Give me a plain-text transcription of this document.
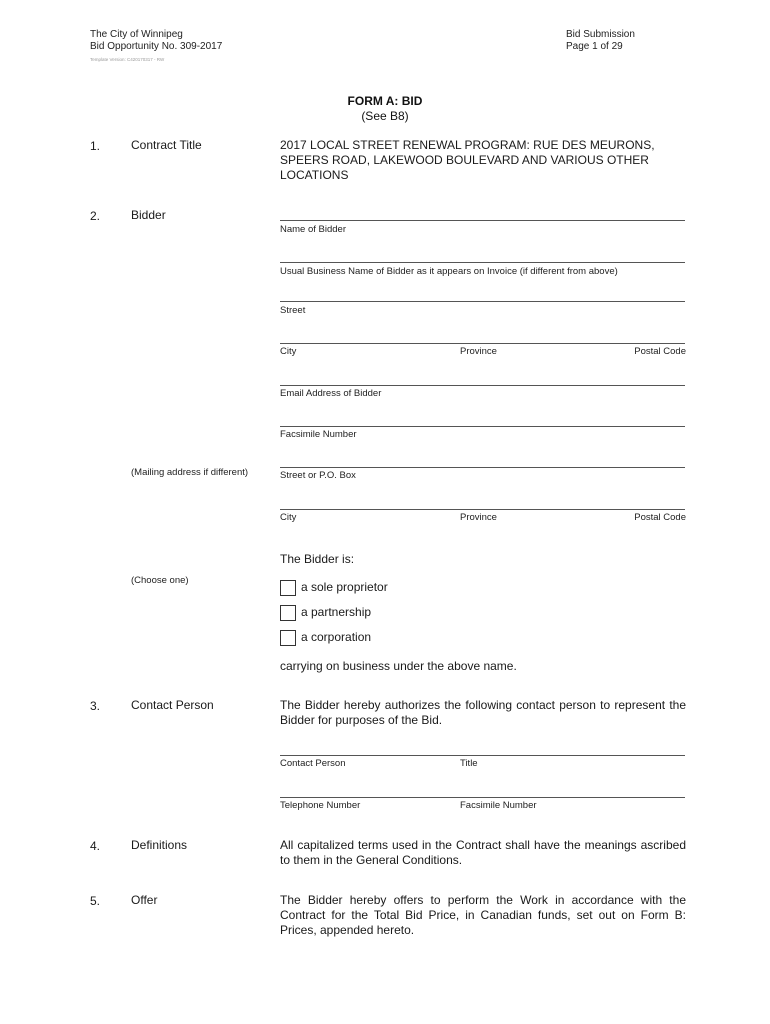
The City of Winnipeg
Bid Opportunity No. 309-2017
Template Version: C420170317 - RW
Bid Submission
Page 1 of 29
FORM A: BID
(See B8)
1.	Contract Title	2017 LOCAL STREET RENEWAL PROGRAM: RUE DES MEURONS,
SPEERS ROAD, LAKEWOOD BOULEVARD AND VARIOUS OTHER
LOCATIONS
2.	Bidder
Name of Bidder
Usual Business Name of Bidder as it appears on Invoice (if different from above)
Street
City	Province	Postal Code
Email Address of Bidder
Facsimile Number
(Mailing address if different)	Street or P.O. Box
City	Province	Postal Code
The Bidder is:
(Choose one)	a sole proprietor
a partnership
a corporation
carrying on business under the above name.
3.	Contact Person	The Bidder hereby authorizes the following contact person to represent the Bidder for purposes of the Bid.
Contact Person	Title
Telephone Number	Facsimile Number
4.	Definitions	All capitalized terms used in the Contract shall have the meanings ascribed to them in the General Conditions.
5.	Offer	The Bidder hereby offers to perform the Work in accordance with the Contract for the Total Bid Price, in Canadian funds, set out on Form B: Prices, appended hereto.
